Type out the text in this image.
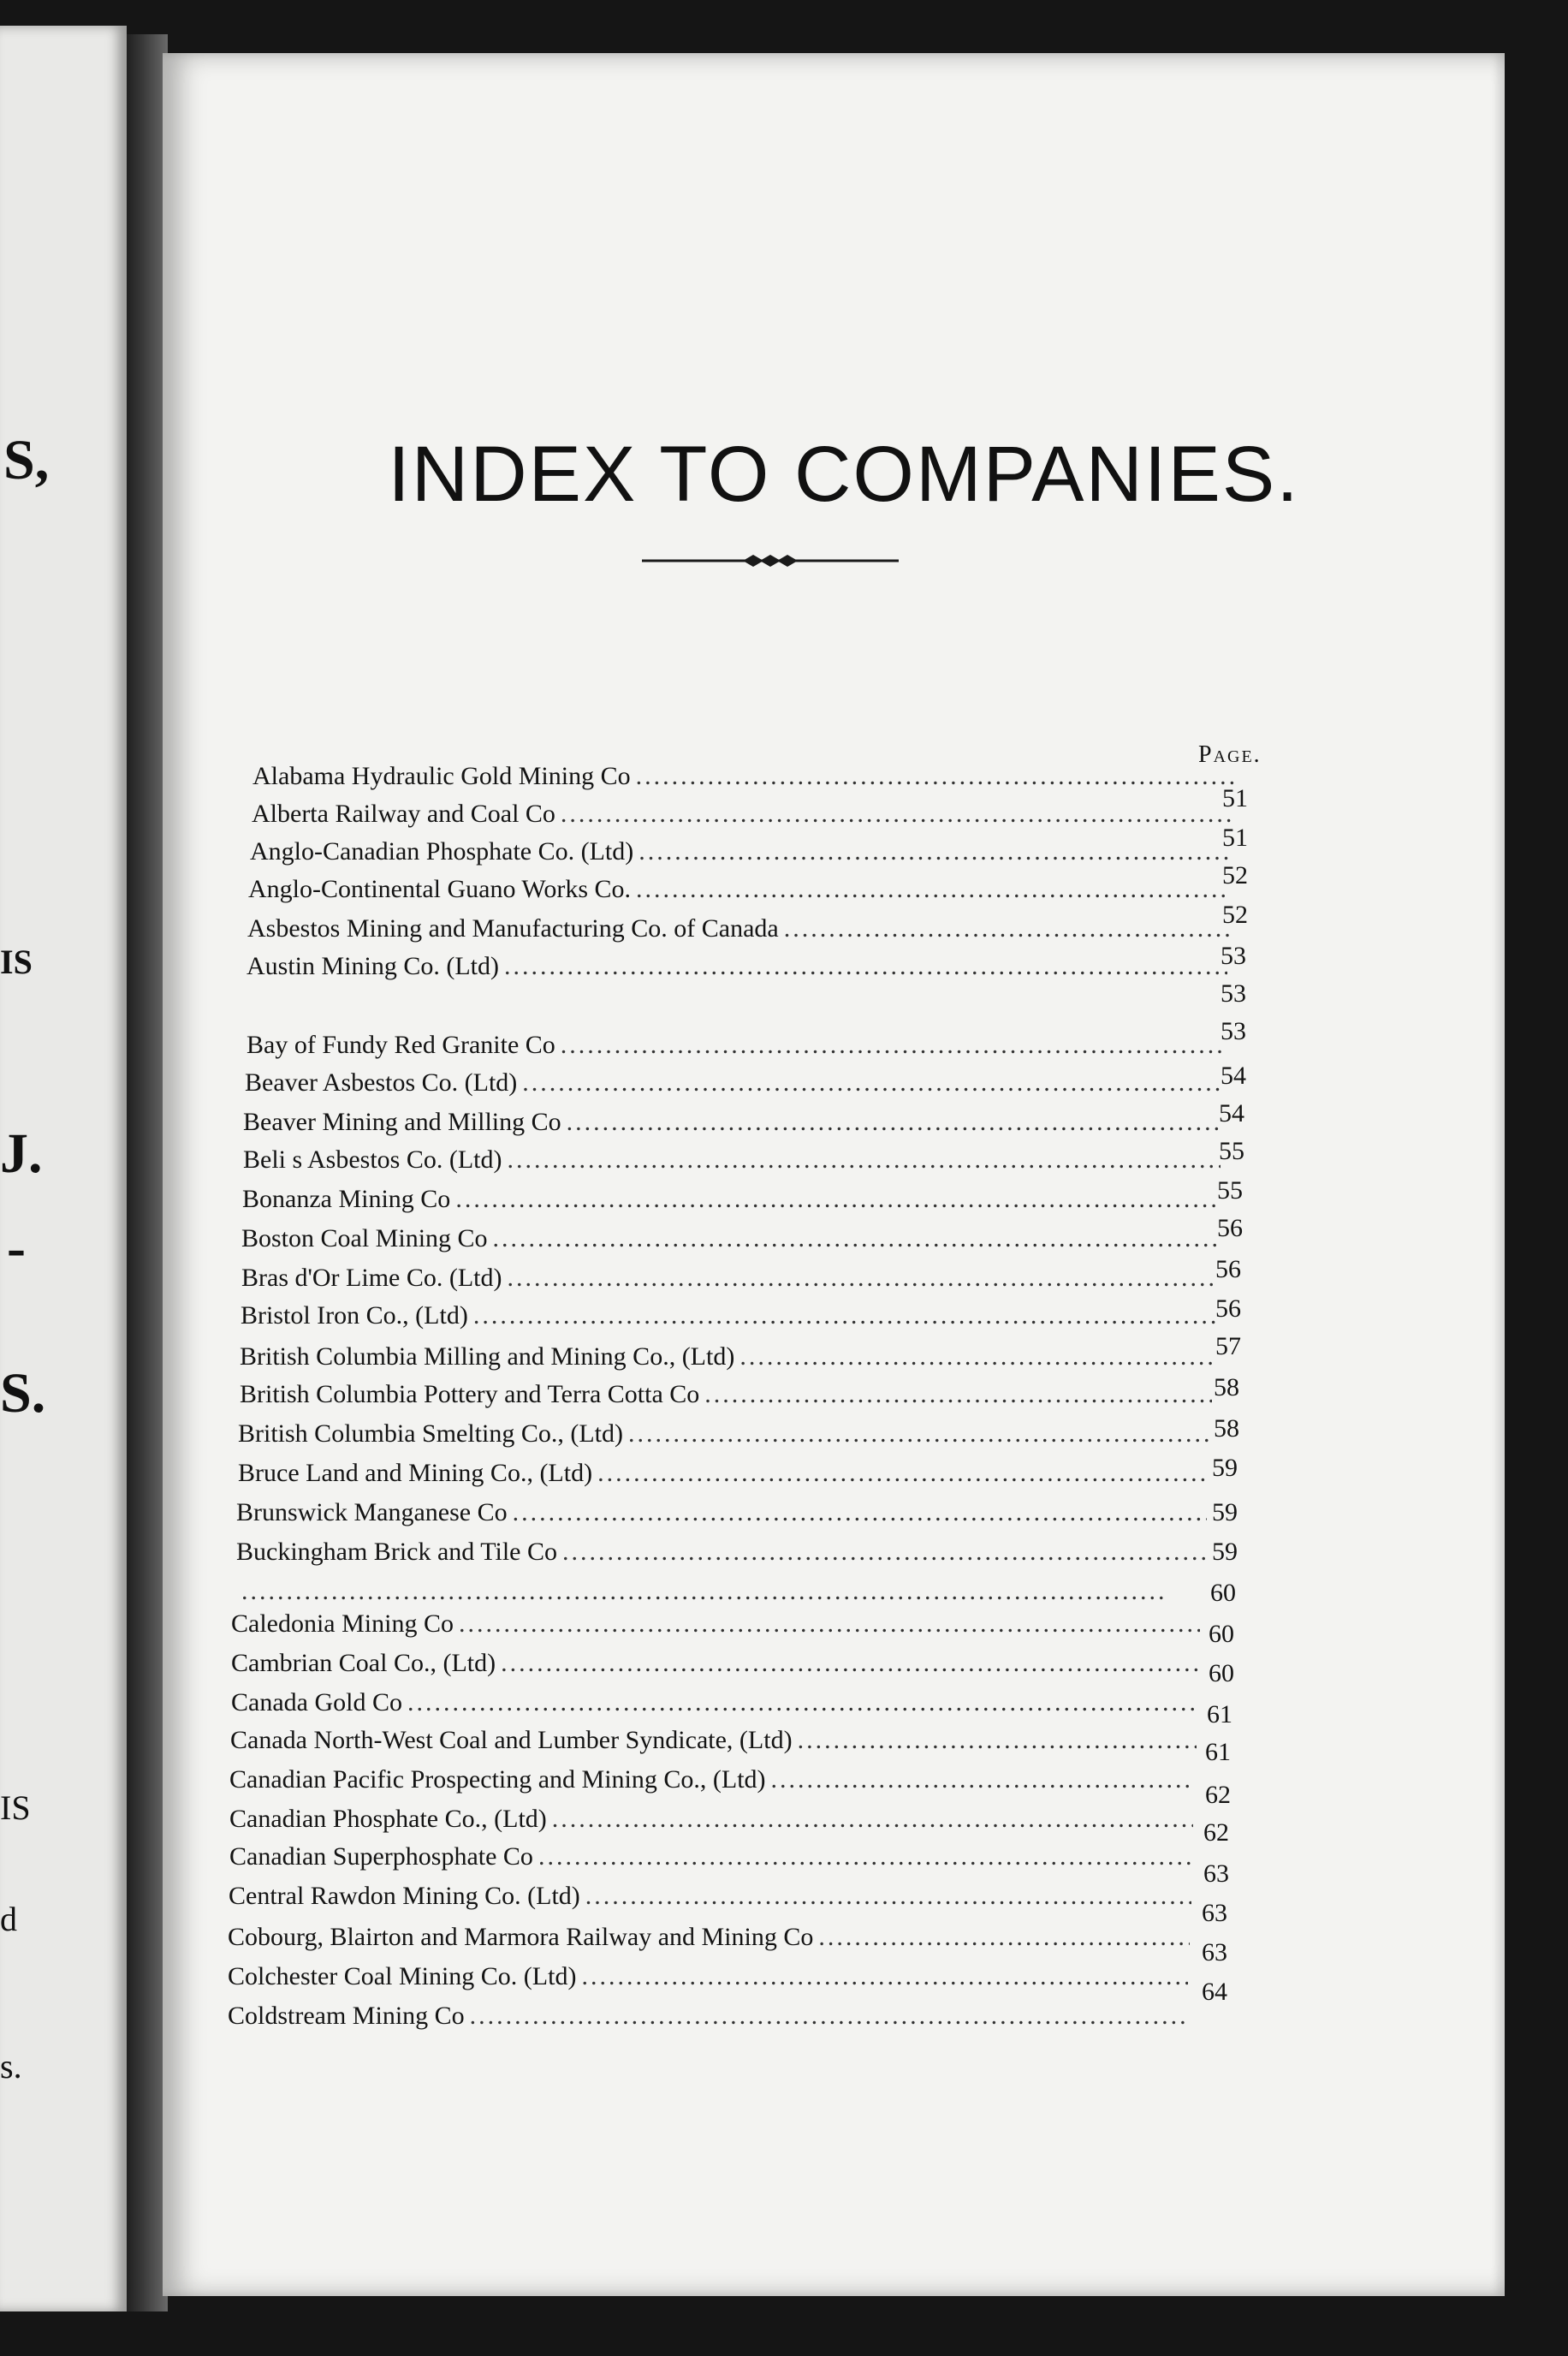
S,
IS
J.
-
S.
IS
d
s.
INDEX TO COMPANIES.
Page.
Alabama Hydraulic Gold Mining Co
.....
Alberta Railway and Coal Co
.....
Anglo-Canadian Phosphate Co. (Ltd)
.....
Anglo-Continental Guano Works Co.
.....
Asbestos Mining and Manufacturing Co. of Canada
.....
Austin Mining Co. (Ltd)
.....
Bay of Fundy Red Granite Co
.....
Beaver Asbestos Co. (Ltd)
.....
Beaver Mining and Milling Co
.....
Beli s Asbestos Co. (Ltd)
.....
Bonanza Mining Co
.....
Boston Coal Mining Co
.....
Bras d'Or Lime Co. (Ltd)
.....
Bristol Iron Co., (Ltd)
.....
British Columbia Milling and Mining Co., (Ltd)
.....
British Columbia Pottery and Terra Cotta Co
.....
British Columbia Smelting Co., (Ltd)
.....
Bruce Land and Mining Co., (Ltd)
.....
Brunswick Manganese Co
.....
Buckingham Brick and Tile Co
.....
.....
Caledonia Mining Co
.....
Cambrian Coal Co., (Ltd)
.....
Canada Gold Co
.....
Canada North-West Coal and Lumber Syndicate, (Ltd)
.....
Canadian Pacific Prospecting and Mining Co., (Ltd)
.....
Canadian Phosphate Co., (Ltd)
.....
Canadian Superphosphate Co
.....
Central Rawdon Mining Co. (Ltd)
.....
Cobourg, Blairton and Marmora Railway and Mining Co
.....
Colchester Coal Mining Co. (Ltd)
.....
Coldstream Mining Co
.....
51
51
52
52
53
53
53
54
54
55
55
56
56
56
57
58
58
59
59
59
60
60
60
61
61
62
62
63
63
63
64
